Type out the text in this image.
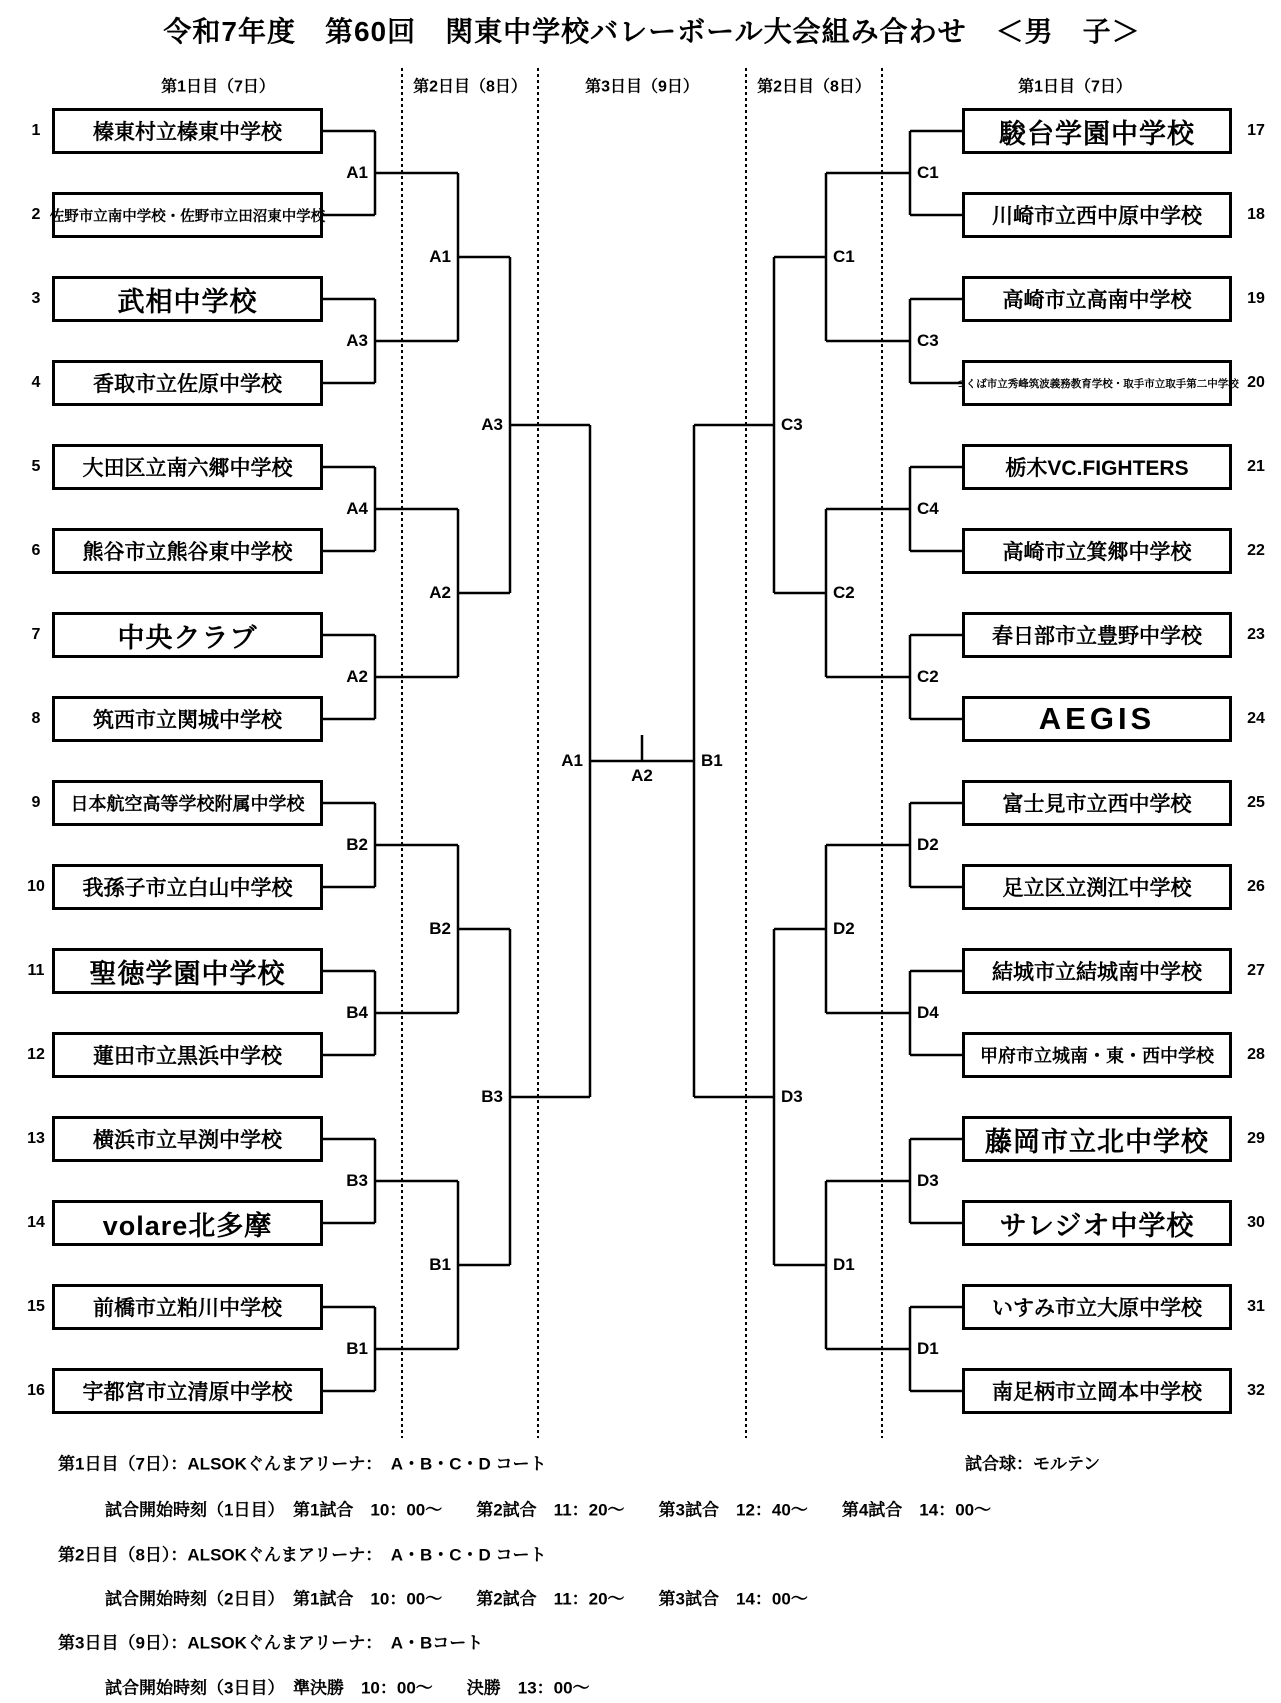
令和7年度　第60回　関東中学校バレーボール大会組み合わせ　＜男　子＞
第1日目（7日）	第2日目（8日）	第3日目（9日）	第2日目（8日）	第1日目（7日）
榛東村立榛東中学校
1
佐野市立南中学校・佐野市立田沼東中学校
2
武相中学校
3
香取市立佐原中学校
4
大田区立南六郷中学校
5
熊谷市立熊谷東中学校
6
中央クラブ
7
筑西市立関城中学校
8
日本航空高等学校附属中学校
9
我孫子市立白山中学校
10
聖徳学園中学校
11
蓮田市立黒浜中学校
12
横浜市立早渕中学校
13
volare北多摩
14
前橋市立粕川中学校
15
宇都宮市立清原中学校
16
駿台学園中学校	17
川崎市立西中原中学校	18
高崎市立高南中学校	19
つくば市立秀峰筑波義務教育学校・取手市立取手第二中学校 20
栃木VC.FIGHTERS	21
高崎市立箕郷中学校	22
春日部市立豊野中学校	23
AEGIS	24
富士見市立西中学校	25
足立区立渕江中学校	26
結城市立結城南中学校	27
甲府市立城南・東・西中学校	28
藤岡市立北中学校	29
サレジオ中学校	30
いすみ市立大原中学校	31
南足柄市立岡本中学校	32
A1	C1
A3	C3
A4	C4
A2	C2
B2	D2
B4	D4
B3	D3
B1	D1
A1	C1
A2	C2
B2	D2
B1	D1
A3	C3
B3	D3
A1	B1
A2
第1日目（7日）：ALSOKぐんまアリーナ：　A・B・C・D コート	試合球：モルテン
試合開始時刻（1日目）　第1試合　10：00～　　第2試合　11：20～　　第3試合　12：40～　　第4試合　14：00～
第2日目（8日）：ALSOKぐんまアリーナ：　A・B・C・D コート
試合開始時刻（2日目）　第1試合　10：00～　　第2試合　11：20～　　第3試合　14：00～
第3日目（9日）：ALSOKぐんまアリーナ：　A・Bコート
試合開始時刻（3日目）　準決勝　10：00～　　決勝　13：00～
